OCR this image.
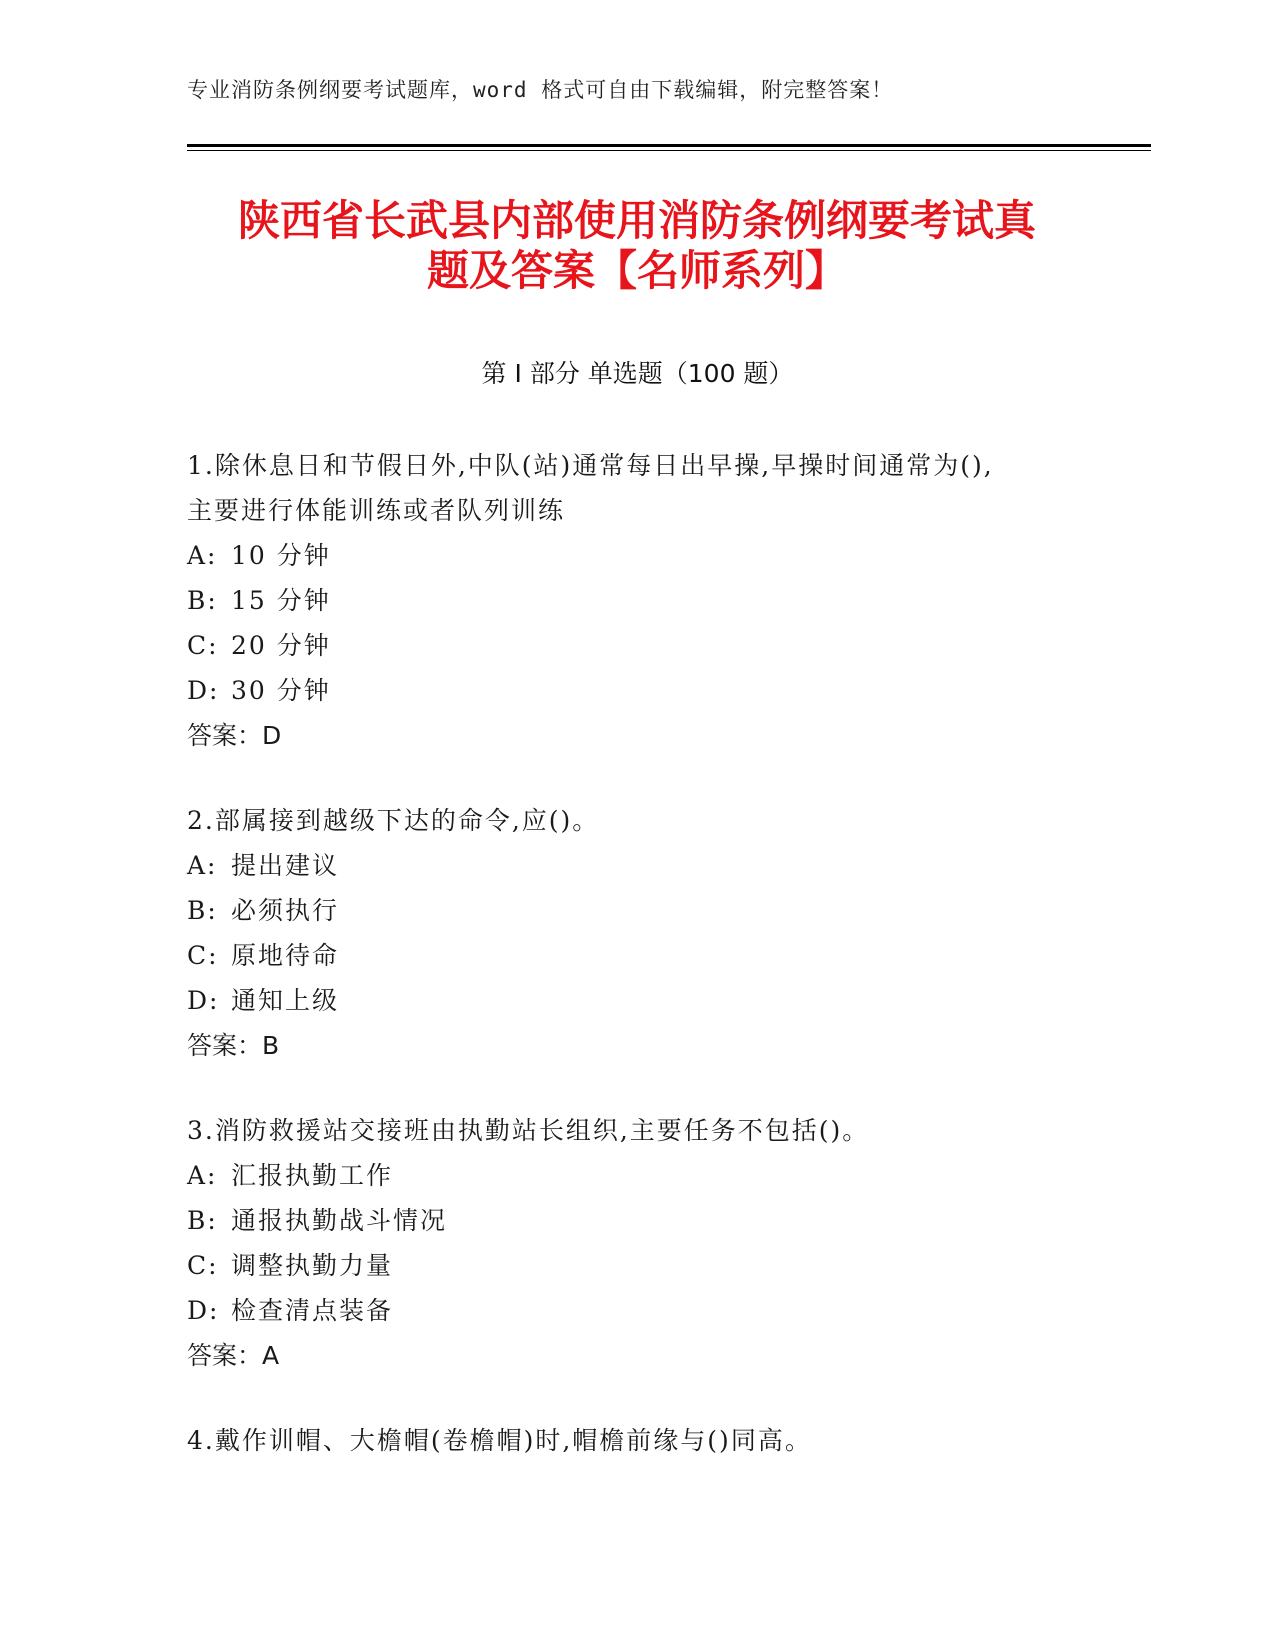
专业消防条例纲要考试题库，word 格式可自由下载编辑，附完整答案！
陕西省长武县内部使用消防条例纲要考试真
题及答案【名师系列】
第 I 部分 单选题（100 题）

1.除休息日和节假日外,中队(站)通常每日出早操,早操时间通常为(),

主要进行体能训练或者队列训练

A: 10 分钟

B: 15 分钟

C: 20 分钟

D: 30 分钟

答案：D

2.部属接到越级下达的命令,应()。

A: 提出建议

B: 必须执行

C: 原地待命

D: 通知上级

答案：B

3.消防救援站交接班由执勤站长组织,主要任务不包括()。

A: 汇报执勤工作

B: 通报执勤战斗情况

C: 调整执勤力量

D: 检查清点装备

答案：A

4.戴作训帽、大檐帽(卷檐帽)时,帽檐前缘与()同高。
